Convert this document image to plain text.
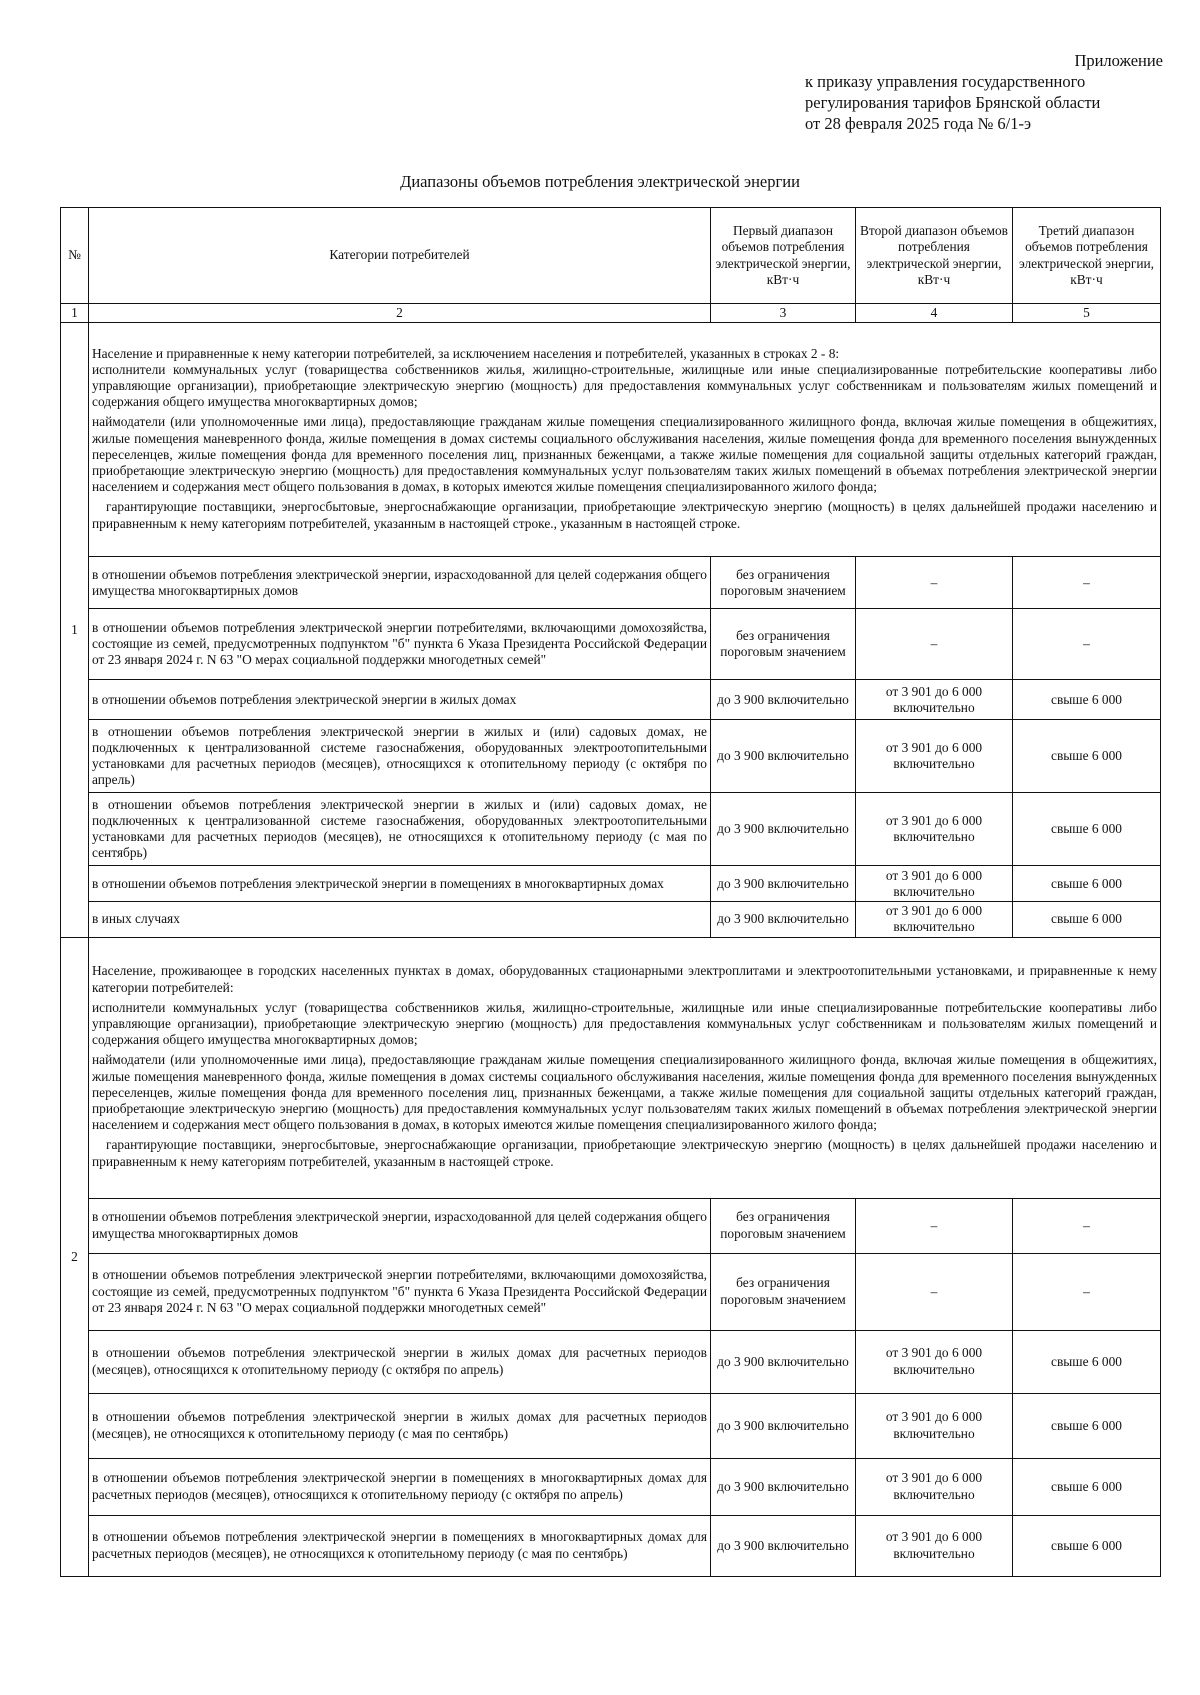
Приложение
к приказу управления государственного
регулирования тарифов Брянской области
от 28 февраля 2025 года № 6/1-э
Диапазоны объемов потребления электрической энергии
№	Категории потребителей	Первый диапазон объемов потребления электрической энергии, кВт·ч	Второй диапазон объемов потребления электрической энергии, кВт·ч	Третий диапазон объемов потребления электрической энергии, кВт·ч
1	2	3	4	5
1	Население и приравненные к нему категории потребителей, за исключением населения и потребителей, указанных в строках 2 - 8:

исполнители коммунальных услуг (товарищества собственников жилья, жилищно-строительные, жилищные или иные специализированные потребительские кооперативы либо управляющие организации), приобретающие электрическую энергию (мощность) для предоставления коммунальных услуг собственникам и пользователям жилых помещений и содержания общего имущества многоквартирных домов;

наймодатели (или уполномоченные ими лица), предоставляющие гражданам жилые помещения специализированного жилищного фонда, включая жилые помещения в общежитиях, жилые помещения маневренного фонда, жилые помещения в домах системы социального обслуживания населения, жилые помещения фонда для временного поселения вынужденных переселенцев, жилые помещения фонда для временного поселения лиц, признанных беженцами, а также жилые помещения для социальной защиты отдельных категорий граждан, приобретающие электрическую энергию (мощность) для предоставления коммунальных услуг пользователям таких жилых помещений в объемах потребления электрической энергии населением и содержания мест общего пользования в домах, в которых имеются жилые помещения специализированного жилого фонда;

гарантирующие поставщики, энергосбытовые, энергоснабжающие организации, приобретающие электрическую энергию (мощность) в целях дальнейшей продажи населению и приравненным к нему категориям потребителей, указанным в настоящей строке., указанным в настоящей строке.			

	в отношении объемов потребления электрической энергии, израсходованной для целей содержания общего имущества многоквартирных домов	без ограничения пороговым значением	–	–
	в отношении объемов потребления электрической энергии потребителями, включающими домохозяйства, состоящие из семей, предусмотренных подпунктом "б" пункта 6 Указа Президента Российской Федерации от 23 января 2024 г. N 63 "О мерах социальной поддержки многодетных семей"	без ограничения пороговым значением	–	–
	в отношении объемов потребления электрической энергии в жилых домах	до 3 900 включительно	от 3 901 до 6 000 включительно	свыше 6 000
	в отношении объемов потребления электрической энергии в жилых и (или) садовых домах, не подключенных к централизованной системе газоснабжения, оборудованных электроотопительными установками для расчетных периодов (месяцев), относящихся к отопительному периоду (с октября по апрель)	до 3 900 включительно	от 3 901 до 6 000 включительно	свыше 6 000
	в отношении объемов потребления электрической энергии в жилых и (или) садовых домах, не подключенных к централизованной системе газоснабжения, оборудованных электроотопительными установками для расчетных периодов (месяцев), не относящихся к отопительному периоду (с мая по сентябрь)	до 3 900 включительно	от 3 901 до 6 000 включительно	свыше 6 000
	в отношении объемов потребления электрической энергии в помещениях в многоквартирных домах	до 3 900 включительно	от 3 901 до 6 000 включительно	свыше 6 000
	в иных случаях	до 3 900 включительно	от 3 901 до 6 000 включительно	свыше 6 000
2	Население, проживающее в городских населенных пунктах в домах, оборудованных стационарными электроплитами и электроотопительными установками, и приравненные к нему категории потребителей:

исполнители коммунальных услуг (товарищества собственников жилья, жилищно-строительные, жилищные или иные специализированные потребительские кооперативы либо управляющие организации), приобретающие электрическую энергию (мощность) для предоставления коммунальных услуг собственникам и пользователям жилых помещений и содержания общего имущества многоквартирных домов;

наймодатели (или уполномоченные ими лица), предоставляющие гражданам жилые помещения специализированного жилищного фонда, включая жилые помещения в общежитиях, жилые помещения маневренного фонда, жилые помещения в домах системы социального обслуживания населения, жилые помещения фонда для временного поселения вынужденных переселенцев, жилые помещения фонда для временного поселения лиц, признанных беженцами, а также жилые помещения для социальной защиты отдельных категорий граждан, приобретающие электрическую энергию (мощность) для предоставления коммунальных услуг пользователям таких жилых помещений в объемах потребления электрической энергии населением и содержания мест общего пользования в домах, в которых имеются жилые помещения специализированного жилого фонда;

гарантирующие поставщики, энергосбытовые, энергоснабжающие организации, приобретающие электрическую энергию (мощность) в целях дальнейшей продажи населению и приравненным к нему категориям потребителей, указанным в настоящей строке.			

	в отношении объемов потребления электрической энергии, израсходованной для целей содержания общего имущества многоквартирных домов	без ограничения пороговым значением	–	–
	в отношении объемов потребления электрической энергии потребителями, включающими домохозяйства, состоящие из семей, предусмотренных подпунктом "б" пункта 6 Указа Президента Российской Федерации от 23 января 2024 г. N 63 "О мерах социальной поддержки многодетных семей"	без ограничения пороговым значением	–	–
	в отношении объемов потребления электрической энергии в жилых домах для расчетных периодов (месяцев), относящихся к отопительному периоду (с октября по апрель)	до 3 900 включительно	от 3 901 до 6 000 включительно	свыше 6 000
	в отношении объемов потребления электрической энергии в жилых домах для расчетных периодов (месяцев), не относящихся к отопительному периоду (с мая по сентябрь)	до 3 900 включительно	от 3 901 до 6 000 включительно	свыше 6 000
	в отношении объемов потребления электрической энергии в помещениях в многоквартирных домах для расчетных периодов (месяцев), относящихся к отопительному периоду (с октября по апрель)	до 3 900 включительно	от 3 901 до 6 000 включительно	свыше 6 000
	в отношении объемов потребления электрической энергии в помещениях в многоквартирных домах для расчетных периодов (месяцев), не относящихся к отопительному периоду (с мая по сентябрь)	до 3 900 включительно	от 3 901 до 6 000 включительно	свыше 6 000
